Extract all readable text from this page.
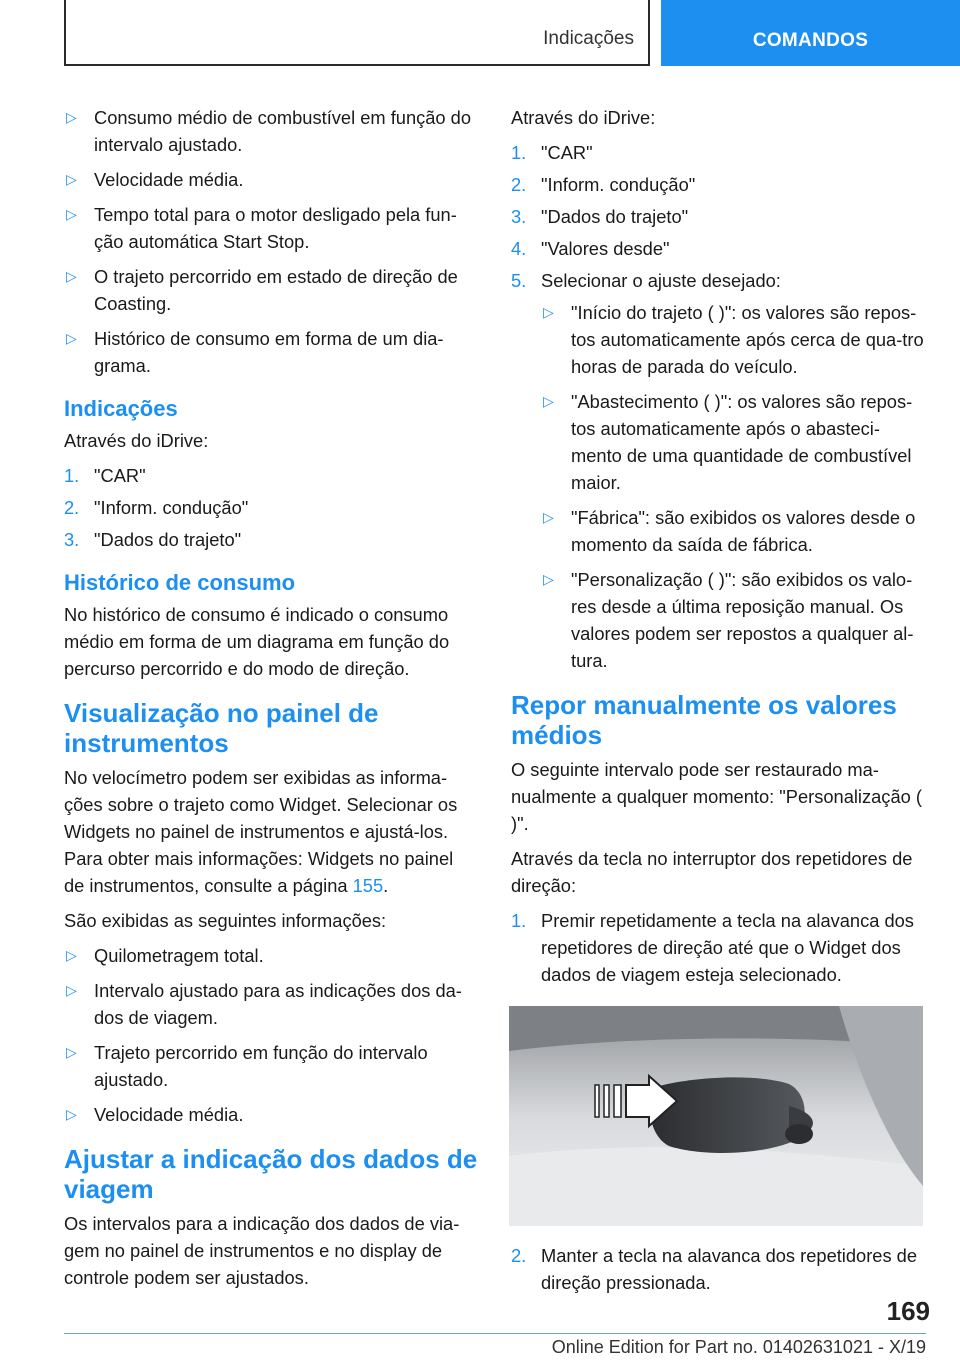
Indicações	COMANDOS
▷ Consumo médio de combustível em função do intervalo ajustado.
▷ Velocidade média.
▷ Tempo total para o motor desligado pela fun‐ção automática Start Stop.
▷ O trajeto percorrido em estado de direção de Coasting.
▷ Histórico de consumo em forma de um dia‐grama.
Indicações
Através do iDrive:
1. "CAR"
2. "Inform. condução"
3. "Dados do trajeto"
Histórico de consumo
No histórico de consumo é indicado o consumo médio em forma de um diagrama em função do percurso percorrido e do modo de direção.
Visualização no painel de instrumentos
No velocímetro podem ser exibidas as informa‐ções sobre o trajeto como Widget. Selecionar os Widgets no painel de instrumentos e ajustá-los. Para obter mais informações: Widgets no painel de instrumentos, consulte a página 155.
São exibidas as seguintes informações:
▷ Quilometragem total.
▷ Intervalo ajustado para as indicações dos da‐dos de viagem.
▷ Trajeto percorrido em função do intervalo ajustado.
▷ Velocidade média.
Ajustar a indicação dos dados de viagem
Os intervalos para a indicação dos dados de via‐gem no painel de instrumentos e no display de controle podem ser ajustados.
Através do iDrive:
1. "CAR"
2. "Inform. condução"
3. "Dados do trajeto"
4. "Valores desde"
5. Selecionar o ajuste desejado:
▷ "Início do trajeto ( )": os valores são repos‐tos automaticamente após cerca de qua‐tro horas de parada do veículo.
▷ "Abastecimento ( )": os valores são repos‐tos automaticamente após o abasteci‐mento de uma quantidade de combustível maior.
▷ "Fábrica": são exibidos os valores desde o momento da saída de fábrica.
▷ "Personalização ( )": são exibidos os valo‐res desde a última reposição manual. Os valores podem ser repostos a qualquer al‐tura.
Repor manualmente os valores médios
O seguinte intervalo pode ser restaurado ma‐nualmente a qualquer momento: "Personalização ( )".
Através da tecla no interruptor dos repetidores de direção:
1. Premir repetidamente a tecla na alavanca dos repetidores de direção até que o Widget dos dados de viagem esteja selecionado.
2. Manter a tecla na alavanca dos repetidores de direção pressionada.
169
Online Edition for Part no. 01402631021 - X/19
